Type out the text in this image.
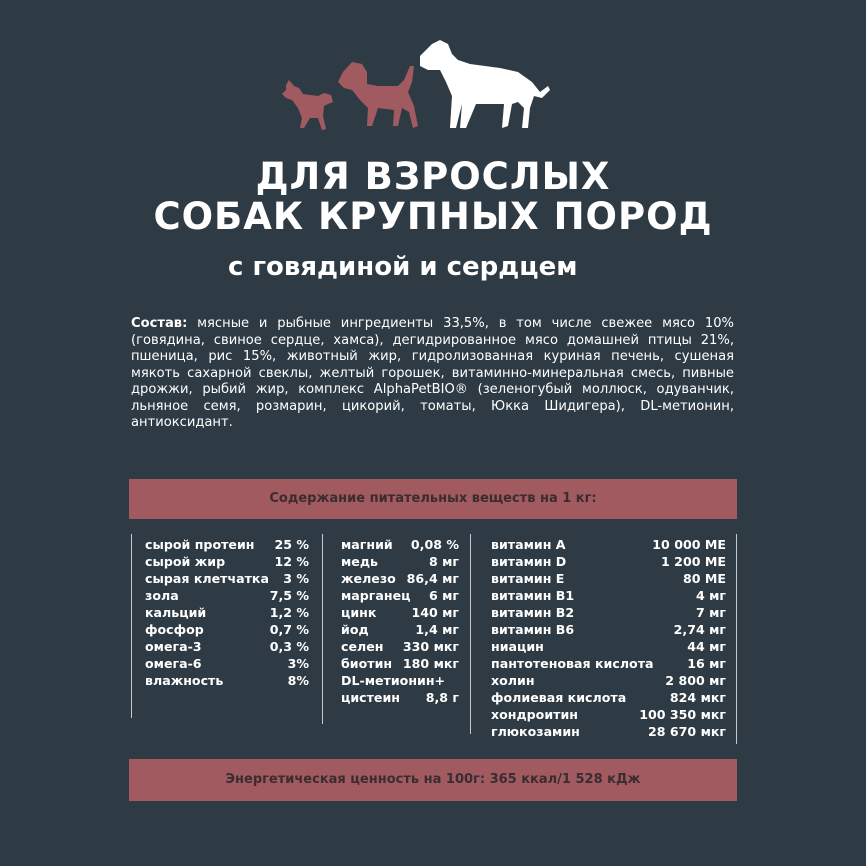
ДЛЯ ВЗРОСЛЫХ
СОБАК КРУПНЫХ ПОРОД
с говядиной и сердцем
Состав: мясные и рыбные ингредиенты 33,5%, в том числе свежее мясо 10% (говядина, свиное сердце, хамса), дегидрированное мясо домашней птицы 21%, пшеница, рис 15%, животный жир, гидролизованная куриная печень, сушеная мякоть сахарной свеклы, желтый горошек, витаминно-минеральная смесь, пивные дрожжи, рыбий жир, комплекс AlphaPetBIO® (зеленогубый моллюск, одуванчик, льняное семя, розмарин, цикорий, томаты, Юкка Шидигера), DL-метионин, антиоксидант.
Содержание питательных веществ на 1 кг:
сырой протеин 25 %
сырой жир	12 %
сырая клетчатка 3 %
зола	7,5 %
кальций	1,2 %
фосфор	0,7 %
омега-3	0,3 %
омега-6	3%
влажность	8%
магний 0,08 %
медь	8 мг
железо 86,4 мг
марганец 6 мг
цинк	140 мг
йод	1,4 мг
селен 330 мкг
биотин 180 мкг
DL-метионин+
цистеин 8,8 г
витамин A	10 000 МЕ
витамин D	1 200 МЕ
витамин E	80 МЕ
витамин B1	4 мг
витамин B2	7 мг
витамин B6	2,74 мг
ниацин	44 мг
пантотеновая кислота	16 мг
холин	2 800 мг
фолиевая кислота	824 мкг
хондроитин	100 350 мкг
глюкозамин	28 670 мкг
Энергетическая ценность на 100г: 365 ккал/1 528 кДж
